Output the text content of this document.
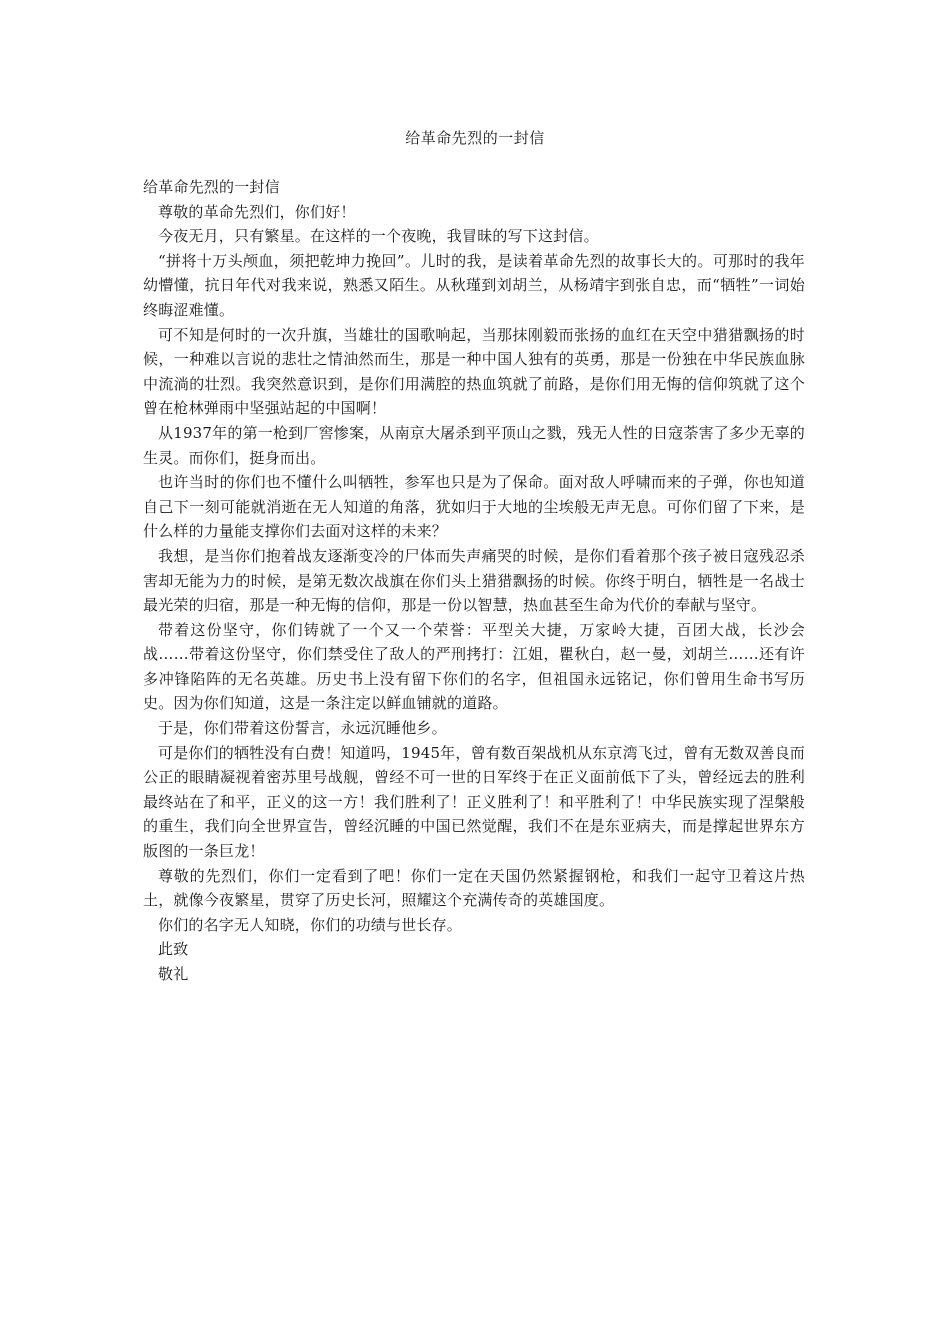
给革命先烈的一封信

给革命先烈的一封信

尊敬的革命先烈们，你们好！

今夜无月，只有繁星。在这样的一个夜晚，我冒昧的写下这封信。

“拼将十万头颅血，须把乾坤力挽回”。儿时的我，是读着革命先烈的故事长大的。可那时的我年幼懵懂，抗日年代对我来说，熟悉又陌生。从秋瑾到刘胡兰，从杨靖宇到张自忠，而“牺牲”一词始终晦涩难懂。

可不知是何时的一次升旗，当雄壮的国歌响起，当那抹刚毅而张扬的血红在天空中猎猎飘扬的时候，一种难以言说的悲壮之情油然而生，那是一种中国人独有的英勇，那是一份独在中华民族血脉中流淌的壮烈。我突然意识到，是你们用满腔的热血筑就了前路，是你们用无悔的信仰筑就了这个曾在枪林弹雨中坚强站起的中国啊！

从1937年的第一枪到厂窖惨案，从南京大屠杀到平顶山之戮，残无人性的日寇荼害了多少无辜的生灵。而你们，挺身而出。

也许当时的你们也不懂什么叫牺牲，参军也只是为了保命。面对敌人呼啸而来的子弹，你也知道自己下一刻可能就消逝在无人知道的角落，犹如归于大地的尘埃般无声无息。可你们留了下来，是什么样的力量能支撑你们去面对这样的未来？

我想，是当你们抱着战友逐渐变冷的尸体而失声痛哭的时候，是你们看着那个孩子被日寇残忍杀害却无能为力的时候，是第无数次战旗在你们头上猎猎飘扬的时候。你终于明白，牺牲是一名战士最光荣的归宿，那是一种无悔的信仰，那是一份以智慧，热血甚至生命为代价的奉献与坚守。

带着这份坚守，你们铸就了一个又一个荣誉：平型关大捷，万家岭大捷，百团大战，长沙会战……带着这份坚守，你们禁受住了敌人的严刑拷打：江姐，瞿秋白，赵一曼，刘胡兰……还有许多冲锋陷阵的无名英雄。历史书上没有留下你们的名字，但祖国永远铭记，你们曾用生命书写历史。因为你们知道，这是一条注定以鲜血铺就的道路。

于是，你们带着这份誓言，永远沉睡他乡。

可是你们的牺牲没有白费！知道吗，1945年，曾有数百架战机从东京湾飞过，曾有无数双善良而公正的眼睛凝视着密苏里号战舰，曾经不可一世的日军终于在正义面前低下了头，曾经远去的胜利最终站在了和平，正义的这一方！我们胜利了！正义胜利了！和平胜利了！中华民族实现了涅槃般的重生，我们向全世界宣告，曾经沉睡的中国已然觉醒，我们不在是东亚病夫，而是撑起世界东方版图的一条巨龙！

尊敬的先烈们，你们一定看到了吧！你们一定在天国仍然紧握钢枪，和我们一起守卫着这片热土，就像今夜繁星，贯穿了历史长河，照耀这个充满传奇的英雄国度。

你们的名字无人知晓，你们的功绩与世长存。

此致

敬礼
